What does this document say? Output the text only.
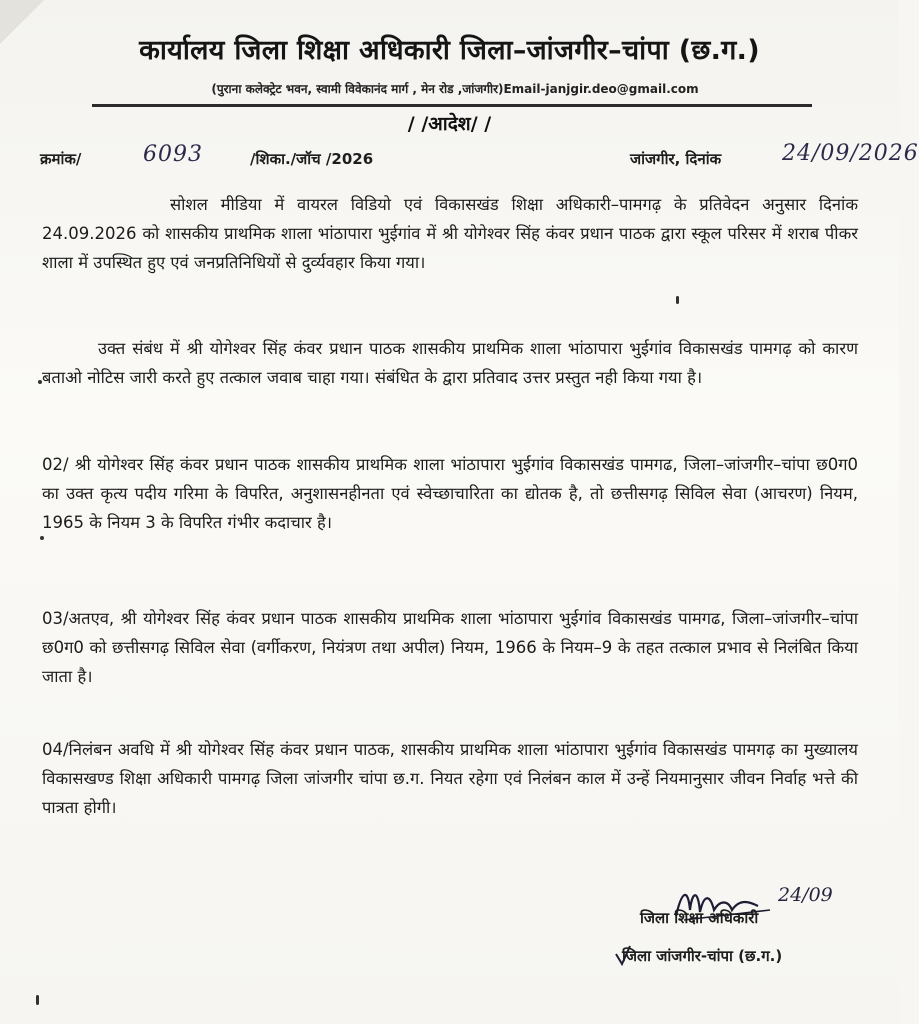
कार्यालय जिला शिक्षा अधिकारी जिला–जांजगीर–चांपा (छ.ग.)
(पुराना कलेक्ट्रेट भवन, स्वामी विवेकानंद मार्ग , मेन रोड ,जांजगीर)Email-janjgir.deo@gmail.com
/ /आदेश/ /
क्रमांक/	6093	/शिका./जॉच /2026	जांजगीर, दिनांक	24/09/2026
सोशल मीडिया में वायरल विडियो एवं विकासखंड शिक्षा अधिकारी–पामगढ़ के प्रतिवेदन अनुसार दिनांक 24.09.2026 को शासकीय प्राथमिक शाला भांठापारा भुईगांव में श्री योगेश्वर सिंह कंवर प्रधान पाठक द्वारा स्कूल परिसर में शराब पीकर शाला में उपस्थित हुए एवं जनप्रतिनिधियों से दुर्व्यवहार किया गया।
उक्त संबंध में श्री योगेश्वर सिंह कंवर प्रधान पाठक शासकीय प्राथमिक शाला भांठापारा भुईगांव विकासखंड पामगढ़ को कारण बताओ नोटिस जारी करते हुए तत्काल जवाब चाहा गया। संबंधित के द्वारा प्रतिवाद उत्तर प्रस्तुत नही किया गया है।
02/ श्री योगेश्वर सिंह कंवर प्रधान पाठक शासकीय प्राथमिक शाला भांठापारा भुईगांव विकासखंड पामगढ, जिला–जांजगीर–चांपा छ0ग0 का उक्त कृत्य पदीय गरिमा के विपरित, अनुशासनहीनता एवं स्वेच्छाचारिता का द्योतक है, तो छत्तीसगढ़ सिविल सेवा (आचरण) नियम, 1965 के नियम 3 के विपरित गंभीर कदाचार है।
03/अतएव, श्री योगेश्वर सिंह कंवर प्रधान पाठक शासकीय प्राथमिक शाला भांठापारा भुईगांव विकासखंड पामगढ, जिला–जांजगीर–चांपा छ0ग0 को छत्तीसगढ़ सिविल सेवा (वर्गीकरण, नियंत्रण तथा अपील) नियम, 1966 के नियम–9 के तहत तत्काल प्रभाव से निलंबित किया जाता है।
04/निलंबन अवधि में श्री योगेश्वर सिंह कंवर प्रधान पाठक, शासकीय प्राथमिक शाला भांठापारा भुईगांव विकासखंड पामगढ़ का मुख्यालय विकासखण्ड शिक्षा अधिकारी पामगढ़ जिला जांजगीर चांपा छ.ग. नियत रहेगा एवं निलंबन काल में उन्हें नियमानुसार जीवन निर्वाह भत्ते की पात्रता होगी।
24/09
जिला शिक्षा अधिकारी
जिला जांजगीर-चांपा (छ.ग.)
